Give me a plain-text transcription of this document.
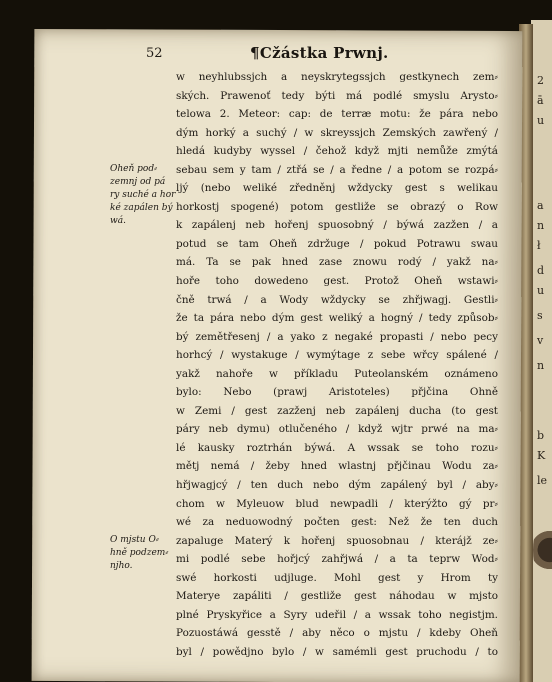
2
ā
u
a
n
ł
d
u
s
v
n
b
K
le
52	¶Cžástka Prwnj.
w neyhlubssjch a neyskrytegssjch gestkynech zem⸗
ských. Prawenoť tedy býti má podlé smyslu Arysto⸗
telowa 2. Meteor: cap: de terræ motu: že pára nebo
dým horký a suchý / w skreyssjch Zemských zawřený /
hledá kudyby wyssel / čehož když mjti nemůže zmýtá
sebau sem y tam / ztřá se / a ředne / a potom se rozpá⸗
ljý (nebo weliké zředněnj wždycky gest s welikau
horkostj spogené) potom gestliže se obrazý o Row
k zapálenj neb hořenj spuosobný / býwá zazžen / a
potud se tam Oheň zdržuge / pokud Potrawu swau
má. Ta se pak hned zase znowu rodý / yakž na⸗
hoře toho dowedeno gest. Protož Oheň wstawi⸗
čně trwá / a Wody wždycky se zhřjwagj. Gestli⸗
že ta pára nebo dým gest weliký a hogný / tedy způsob⸗
bý zemětřesenj / a yako z negaké propasti / nebo pecy
horhcý / wystakuge / wymýtage z sebe wřcy spálené /
yakž nahoře w příkladu Puteolanském oznámeno
bylo: Nebo (prawj Aristoteles) přjčina Ohně
w Zemi / gest zazženj neb zapálenj ducha (to gest
páry neb dymu) otlučeného / když wjtr prwé na ma⸗
lé kausky roztrhán býwá. A wssak se toho rozu⸗
mětj nemá / žeby hned wlastnj přjčinau Wodu za⸗
hřjwagjcý / ten duch nebo dým zapálený byl / aby⸗
chom w Myleuow blud newpadli / kterýžto gý pr⸗
wé za neduowodný počten gest: Než že ten duch
zapaluge Materý k hořenj spuosobnau / kterájž ze⸗
mi podlé sebe hořjcý zahřjwá / a ta teprw Wod⸗
swé horkosti udjluge. Mohl gest y Hrom ty
Materye zapáliti / gestliže gest náhodau w mjsto
plné Pryskyřice a Syry udeřil / a wssak toho negistjm.
Pozuostáwá gesstě / aby něco o mjstu / kdeby Oheň
byl / powědjno bylo / w samémli gest pruchodu / to
Oheň pod⸗
zemnj od pá
ry suché a hor
ké zapálen bý
wá.
O mjstu O⸗
hně podzem⸗
njho.
